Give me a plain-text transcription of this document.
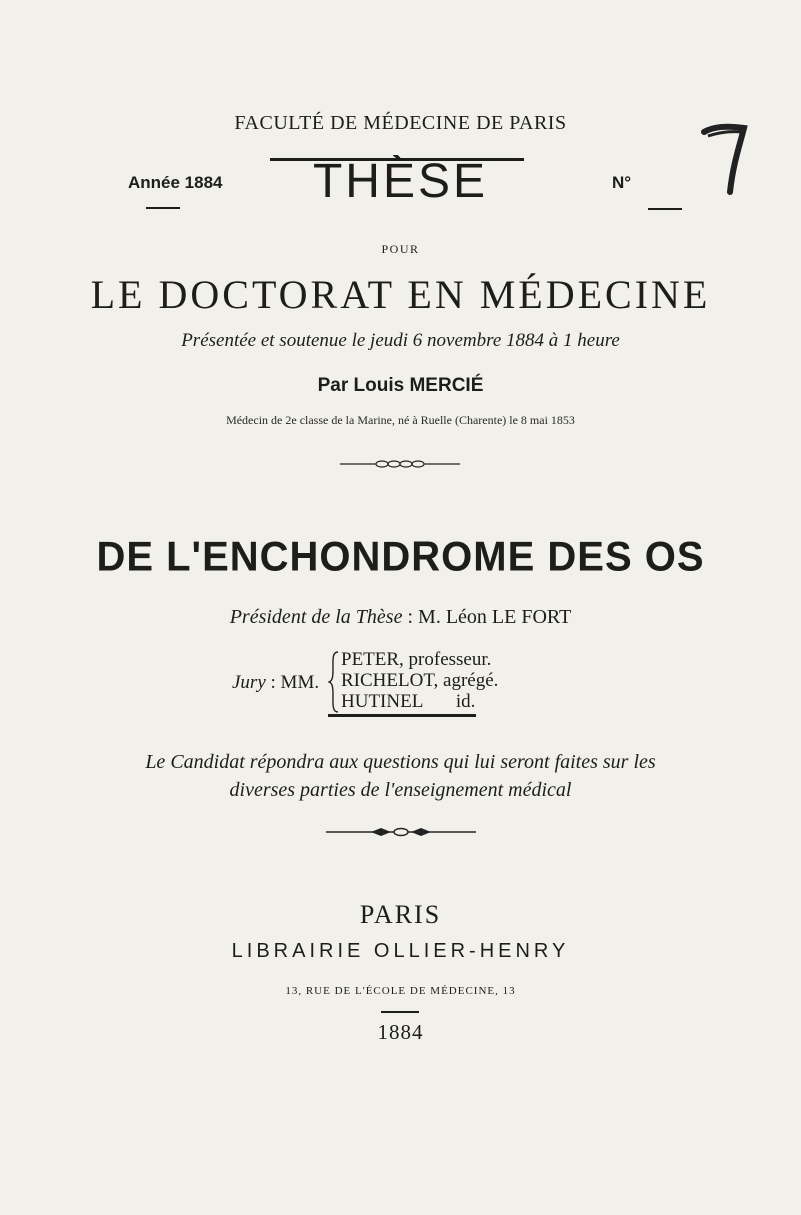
FACULTÉ DE MÉDECINE DE PARIS
Année 1884	THÈSE	N°
POUR
LE DOCTORAT EN MÉDECINE
Présentée et soutenue le jeudi 6 novembre 1884 à 1 heure
Par Louis MERCIÉ
Médecin de 2e classe de la Marine, né à Ruelle (Charente) le 8 mai 1853
DE L'ENCHONDROME DES OS
Président de la Thèse : M. Léon LE FORT
Jury : MM.
PETER, professeur.
RICHELOT, agrégé.
HUTINEL       id.
Le Candidat répondra aux questions qui lui seront faites sur les
diverses parties de l'enseignement médical
PARIS
LIBRAIRIE OLLIER-HENRY
13, RUE DE L'ÉCOLE DE MÉDECINE, 13
1884
